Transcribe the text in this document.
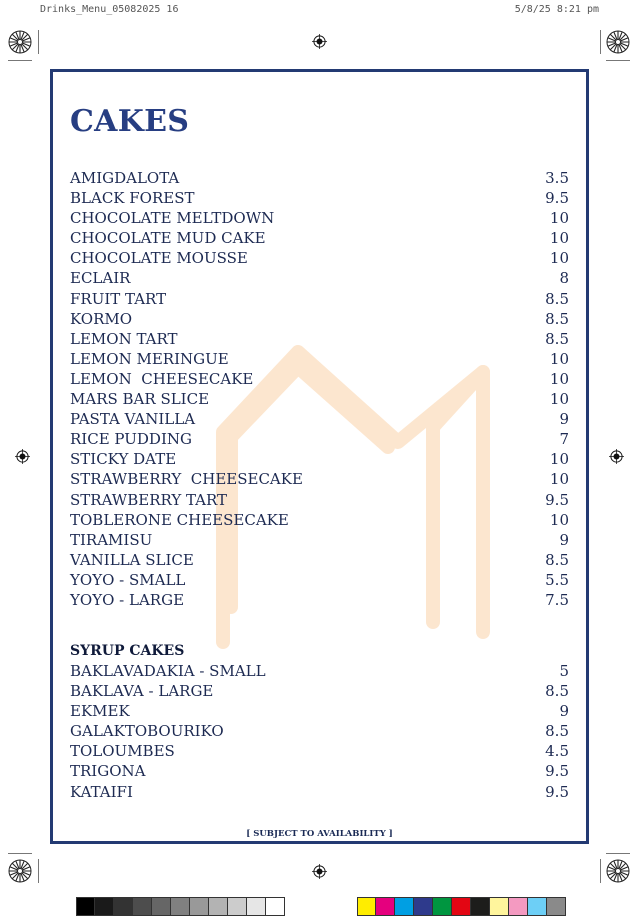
Drinks_Menu_05082025 16	5/8/25 8:21 pm
CAKES
AMIGDALOTA	3.5
BLACK FOREST	9.5
CHOCOLATE MELTDOWN	10
CHOCOLATE MUD CAKE	10
CHOCOLATE MOUSSE	10
ECLAIR	8
FRUIT TART	8.5
KORMO	8.5
LEMON TART	8.5
LEMON MERINGUE	10
LEMON  CHEESECAKE	10
MARS BAR SLICE	10
PASTA VANILLA	9
RICE PUDDING	7
STICKY DATE	10
STRAWBERRY  CHEESECAKE	10
STRAWBERRY TART	9.5
TOBLERONE CHEESECAKE	10
TIRAMISU	9
VANILLA SLICE	8.5
YOYO - SMALL	5.5
YOYO - LARGE	7.5
SYRUP CAKES
BAKLAVADAKIA - SMALL	5
BAKLAVA - LARGE	8.5
EKMEK	9
GALAKTOBOURIKO	8.5
TOLOUMBES	4.5
TRIGONA	9.5
KATAIFI	9.5
[ SUBJECT TO AVAILABILITY ]
